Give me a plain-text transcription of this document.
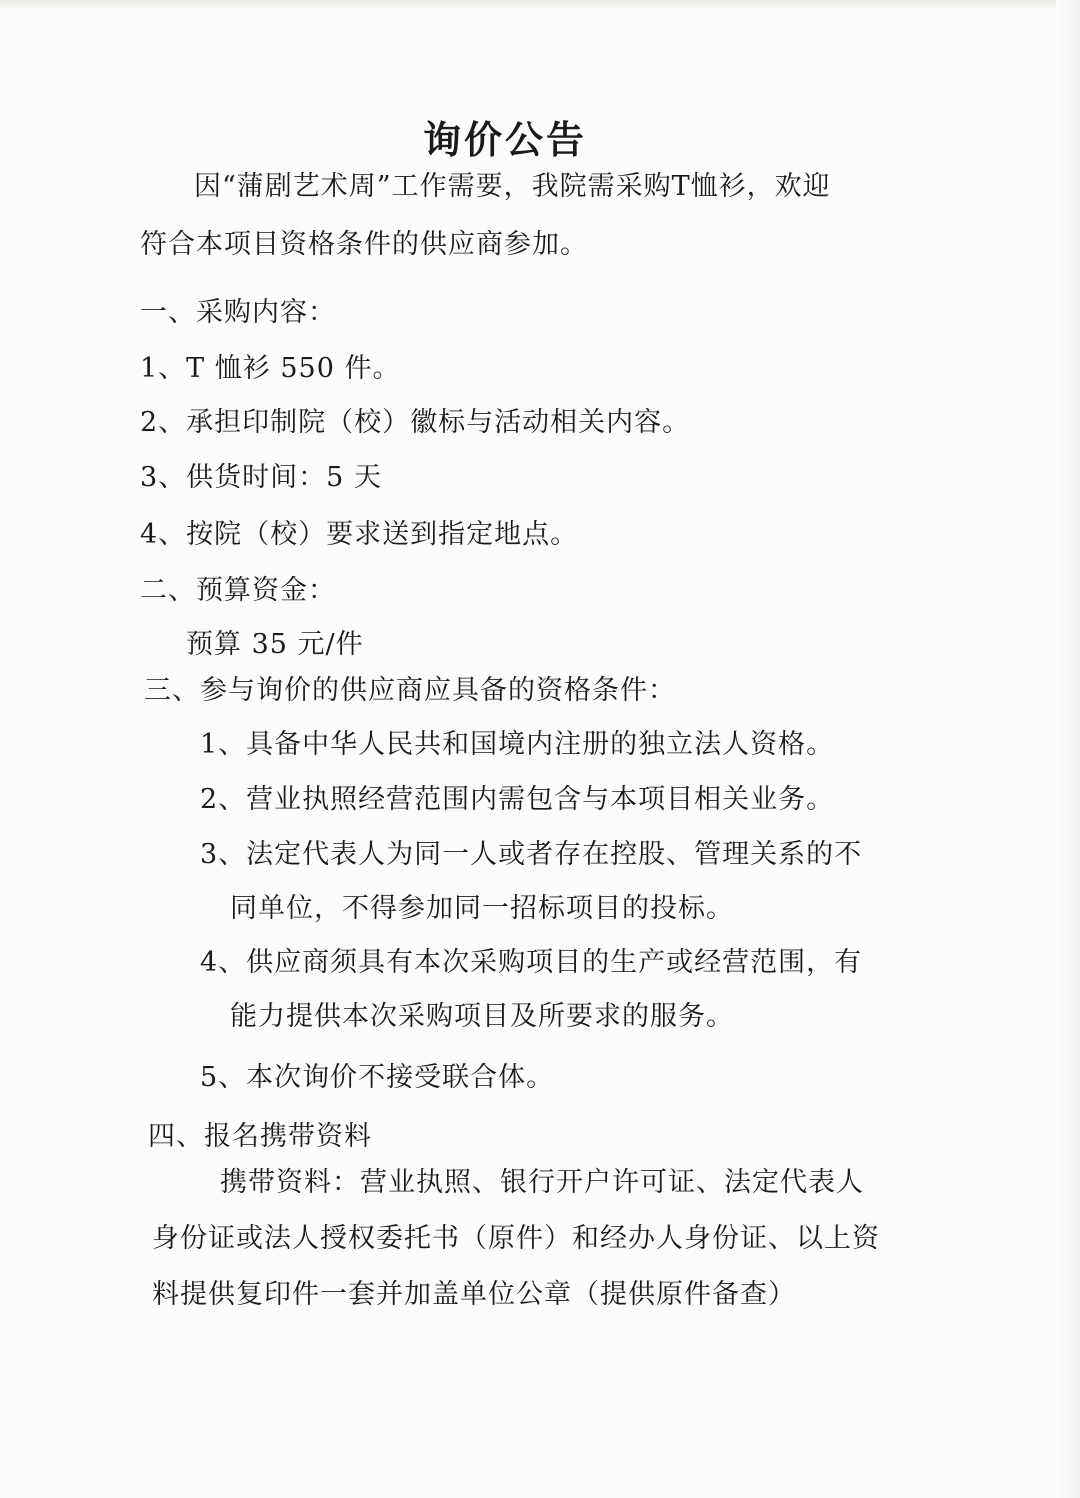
询价公告
因“蒲剧艺术周”工作需要，我院需采购T恤衫，欢迎
符合本项目资格条件的供应商参加。
一、采购内容：
1、T 恤衫 550 件。
2、承担印制院（校）徽标与活动相关内容。
3、供货时间：5 天
4、按院（校）要求送到指定地点。
二、预算资金：
预算 35 元/件
三、参与询价的供应商应具备的资格条件：
1、具备中华人民共和国境内注册的独立法人资格。
2、营业执照经营范围内需包含与本项目相关业务。
3、法定代表人为同一人或者存在控股、管理关系的不
同单位，不得参加同一招标项目的投标。
4、供应商须具有本次采购项目的生产或经营范围，有
能力提供本次采购项目及所要求的服务。
5、本次询价不接受联合体。
四、报名携带资料
携带资料：营业执照、银行开户许可证、法定代表人
身份证或法人授权委托书（原件）和经办人身份证、以上资
料提供复印件一套并加盖单位公章（提供原件备查）
